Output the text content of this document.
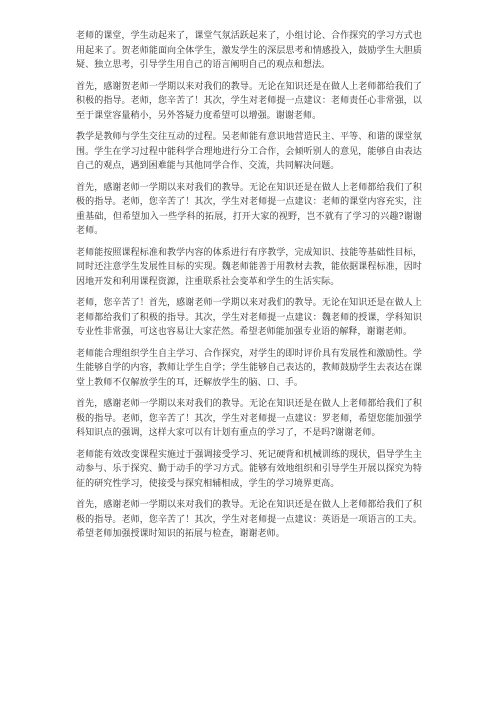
老师的课堂，学生动起来了，课堂气氛活跃起来了，小组讨论、合作探究的学习方式也用起来了。贺老师能面向全体学生，激发学生的深层思考和情感投入，鼓励学生大胆质疑、独立思考，引导学生用自己的语言阐明自己的观点和想法。

首先，感谢贺老师一学期以来对我们的教导。无论在知识还是在做人上老师都给我们了积极的指导。老师，您辛苦了！其次，学生对老师提一点建议：老师责任心非常强，以至于课堂容量稍小，另外答疑力度希望可以增强。谢谢老师。

教学是教师与学生交往互动的过程。吴老师能有意识地营造民主、平等、和谐的课堂氛围。学生在学习过程中能科学合理地进行分工合作，会倾听别人的意见，能够自由表达自己的观点，遇到困难能与其他同学合作、交流，共同解决问题。

首先，感谢老师一学期以来对我们的教导。无论在知识还是在做人上老师都给我们了积极的指导。老师，您辛苦了！其次，学生对老师提一点建议：老师的课堂内容充实，注重基础，但希望加入一些学科的拓展，打开大家的视野，岂不就有了学习的兴趣?谢谢老师。

老师能按照课程标准和教学内容的体系进行有序教学，完成知识、技能等基础性目标，同时还注意学生发展性目标的实现。魏老师能善于用教材去教，能依据课程标准，因时因地开发和利用课程资源，注重联系社会变革和学生的生活实际。

老师，您辛苦了！首先，感谢老师一学期以来对我们的教导。无论在知识还是在做人上老师都给我们了积极的指导。其次，学生对老师提一点建议：魏老师的授课，学科知识专业性非常强，可这也容易让大家茫然。希望老师能加强专业语的解释，谢谢老师。

老师能合理组织学生自主学习、合作探究，对学生的即时评价具有发展性和激励性。学生能够自学的内容，教师让学生自学；学生能够自己表达的，教师鼓励学生去表达在课堂上教师不仅解放学生的耳，还解放学生的脑、口、手。

首先，感谢老师一学期以来对我们的教导。无论在知识还是在做人上老师都给我们了积极的指导。老师，您辛苦了！其次，学生对老师提一点建议：罗老师，希望您能加强学科知识点的强调，这样大家可以有计划有重点的学习了，不是吗?谢谢老师。

老师能有效改变课程实施过于强调接受学习、死记硬背和机械训练的现状，倡导学生主动参与、乐于探究、勤于动手的学习方式。能够有效地组织和引导学生开展以探究为特征的研究性学习，使接受与探究相辅相成，学生的学习境界更高。

首先，感谢老师一学期以来对我们的教导。无论在知识还是在做人上老师都给我们了积极的指导。老师，您辛苦了！其次，学生对老师提一点建议：英语是一项语言的工夫。希望老师加强授课时知识的拓展与检查，谢谢老师。
